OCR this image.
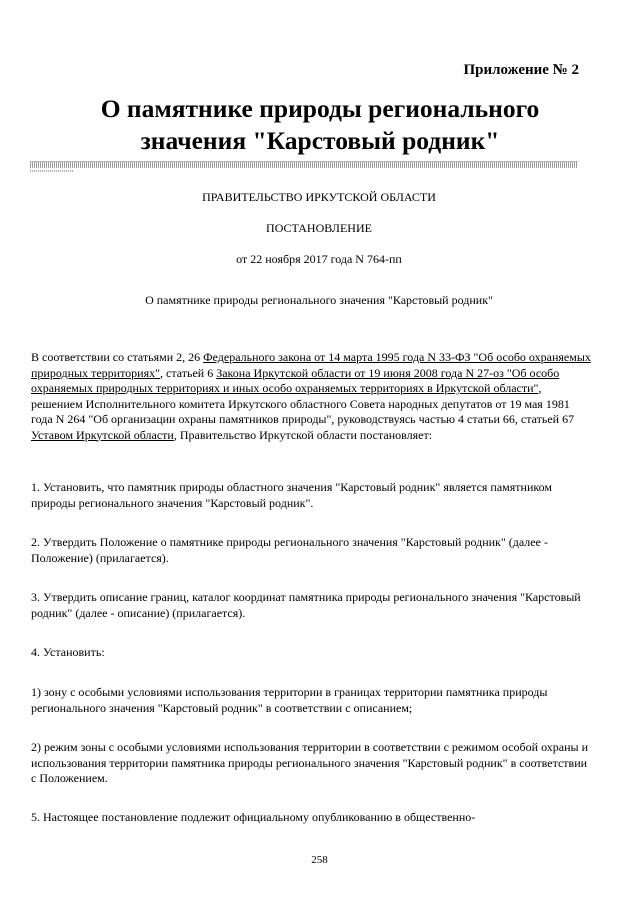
Приложение № 2
О памятнике природы регионального
значения "Карстовый родник"
ПРАВИТЕЛЬСТВО ИРКУТСКОЙ ОБЛАСТИ
ПОСТАНОВЛЕНИЕ
от 22 ноября 2017 года N 764-пп
О памятнике природы регионального значения "Карстовый родник"

В соответствии со статьями 2, 26 Федерального закона от 14 марта 1995 года N 33-ФЗ "Об особо охраняемых природных территориях", статьей 6 Закона Иркутской области от 19 июня 2008 года N 27-оз "Об особо охраняемых природных территориях и иных особо охраняемых территориях в Иркутской области", решением Исполнительного комитета Иркутского областного Совета народных депутатов от 19 мая 1981 года N 264 "Об организации охраны памятников природы", руководствуясь частью 4 статьи 66, статьей 67 Уставом Иркутской области, Правительство Иркутской области постановляет:

1. Установить, что памятник природы областного значения "Карстовый родник" является памятником природы регионального значения "Карстовый родник".

2. Утвердить Положение о памятнике природы регионального значения "Карстовый родник" (далее - Положение) (прилагается).

3. Утвердить описание границ, каталог координат памятника природы регионального значения "Карстовый родник" (далее - описание) (прилагается).

4. Установить:

1) зону с особыми условиями использования территории в границах территории памятника природы регионального значения "Карстовый родник" в соответствии с описанием;

2) режим зоны с особыми условиями использования территории в соответствии с режимом особой охраны и использования территории памятника природы регионального значения "Карстовый родник" в соответствии с Положением.

5. Настоящее постановление подлежит официальному опубликованию в общественно-

258
